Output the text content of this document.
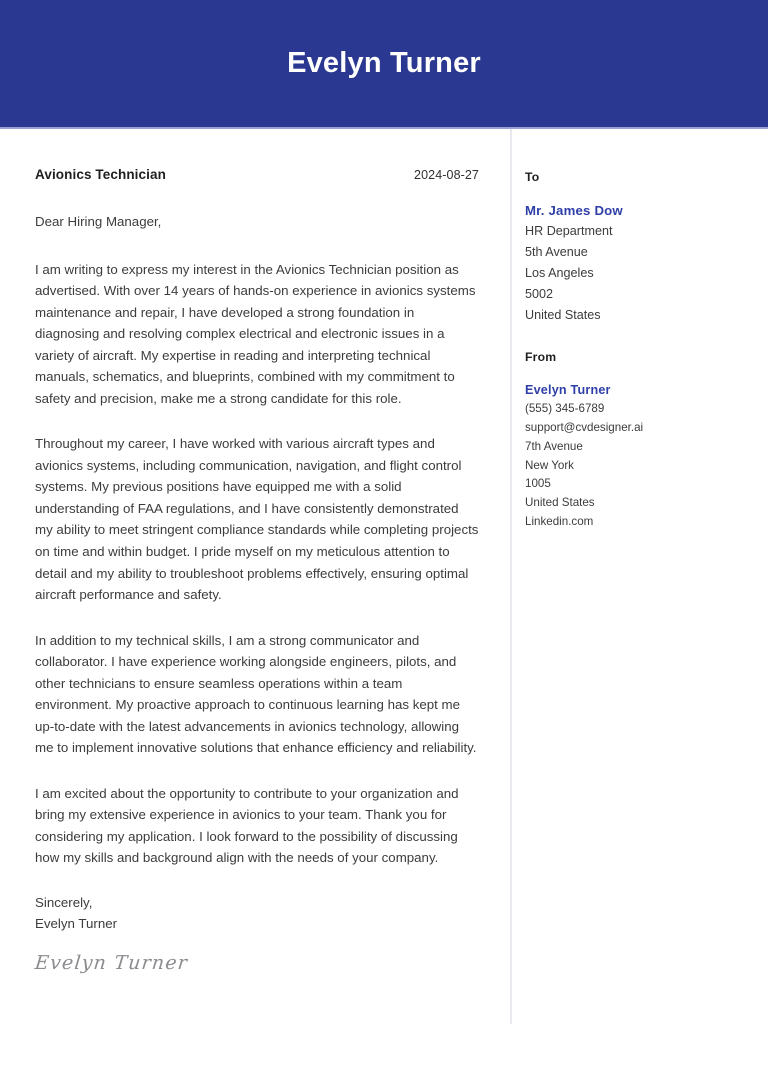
Evelyn Turner
Avionics Technician	2024-08-27
Dear Hiring Manager,

I am writing to express my interest in the Avionics Technician position as advertised. With over 14 years of hands-on experience in avionics systems maintenance and repair, I have developed a strong foundation in diagnosing and resolving complex electrical and electronic issues in a variety of aircraft. My expertise in reading and interpreting technical manuals, schematics, and blueprints, combined with my commitment to safety and precision, make me a strong candidate for this role.

Throughout my career, I have worked with various aircraft types and avionics systems, including communication, navigation, and flight control systems. My previous positions have equipped me with a solid understanding of FAA regulations, and I have consistently demonstrated my ability to meet stringent compliance standards while completing projects on time and within budget. I pride myself on my meticulous attention to detail and my ability to troubleshoot problems effectively, ensuring optimal aircraft performance and safety.

In addition to my technical skills, I am a strong communicator and collaborator. I have experience working alongside engineers, pilots, and other technicians to ensure seamless operations within a team environment. My proactive approach to continuous learning has kept me up-to-date with the latest advancements in avionics technology, allowing me to implement innovative solutions that enhance efficiency and reliability.

I am excited about the opportunity to contribute to your organization and bring my extensive experience in avionics to your team. Thank you for considering my application. I look forward to the possibility of discussing how my skills and background align with the needs of your company.

Sincerely,
Evelyn Turner
Evelyn Turner
To
Mr. James Dow
HR Department
5th Avenue
Los Angeles
5002
United States
From
Evelyn Turner
(555) 345-6789
support@cvdesigner.ai
7th Avenue
New York
1005
United States
Linkedin.com
